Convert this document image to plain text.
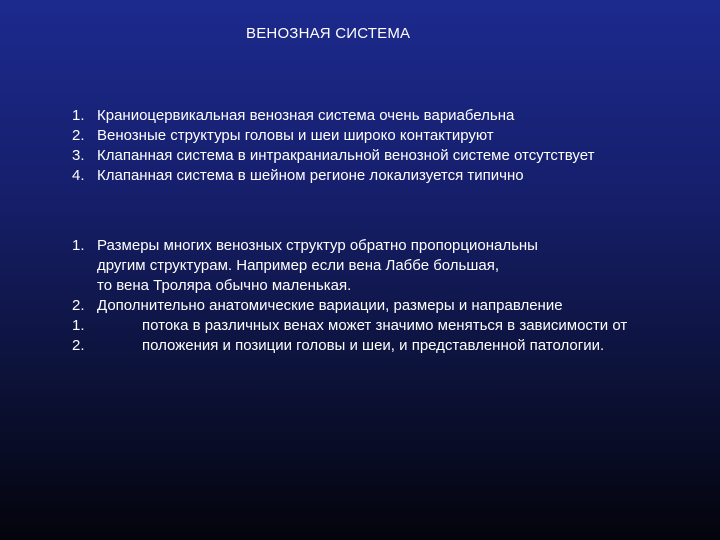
ВЕНОЗНАЯ СИСТЕМА
1. Краниоцервикальная венозная система очень вариабельна
2. Венозные структуры головы и шеи широко контактируют
3. Клапанная система в интракраниальной венозной системе отсутствует
4. Клапанная система в шейном регионе локализуется типично
1. Размеры многих венозных структур обратно пропорциональны
другим структурам. Например если вена Лаббе большая,
то вена Троляра обычно маленькая.
2. Дополнительно анатомические вариации, размеры и направление
1.	потока в различных венах может значимо меняться в зависимости от
2.	положения и позиции головы и шеи, и представленной патологии.
